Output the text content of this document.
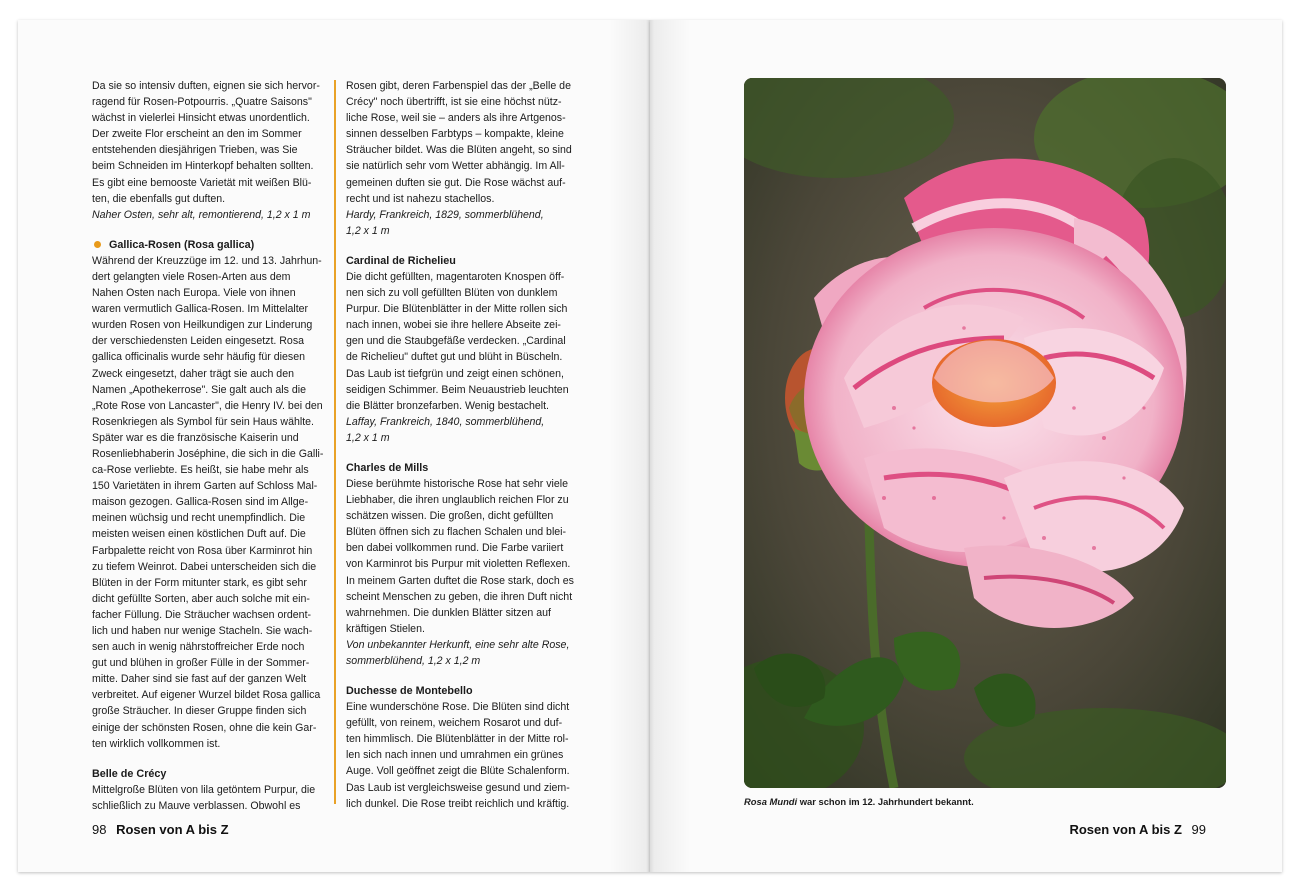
Da sie so intensiv duften, eignen sie sich hervor-

ragend für Rosen-Potpourris. „Quatre Saisons"

wächst in vielerlei Hinsicht etwas unordentlich.

Der zweite Flor erscheint an den im Sommer

entstehenden diesjährigen Trieben, was Sie

beim Schneiden im Hinterkopf behalten sollten.

Es gibt eine bemooste Varietät mit weißen Blü-

ten, die ebenfalls gut duften.

Naher Osten, sehr alt, remontierend, 1,2 x 1 m

Gallica-Rosen (Rosa gallica)

Während der Kreuzzüge im 12. und 13. Jahrhun-

dert gelangten viele Rosen-Arten aus dem

Nahen Osten nach Europa. Viele von ihnen

waren vermutlich Gallica-Rosen. Im Mittelalter

wurden Rosen von Heilkundigen zur Linderung

der verschiedensten Leiden eingesetzt. Rosa

gallica officinalis wurde sehr häufig für diesen

Zweck eingesetzt, daher trägt sie auch den

Namen „Apothekerrose". Sie galt auch als die

„Rote Rose von Lancaster", die Henry IV. bei den

Rosenkriegen als Symbol für sein Haus wählte.

Später war es die französische Kaiserin und

Rosenliebhaberin Joséphine, die sich in die Galli-

ca-Rose verliebte. Es heißt, sie habe mehr als

150 Varietäten in ihrem Garten auf Schloss Mal-

maison gezogen. Gallica-Rosen sind im Allge-

meinen wüchsig und recht unempfindlich. Die

meisten weisen einen köstlichen Duft auf. Die

Farbpalette reicht von Rosa über Karminrot hin

zu tiefem Weinrot. Dabei unterscheiden sich die

Blüten in der Form mitunter stark, es gibt sehr

dicht gefüllte Sorten, aber auch solche mit ein-

facher Füllung. Die Sträucher wachsen ordent-

lich und haben nur wenige Stacheln. Sie wach-

sen auch in wenig nährstoffreicher Erde noch

gut und blühen in großer Fülle in der Sommer-

mitte. Daher sind sie fast auf der ganzen Welt

verbreitet. Auf eigener Wurzel bildet Rosa gallica

große Sträucher. In dieser Gruppe finden sich

einige der schönsten Rosen, ohne die kein Gar-

ten wirklich vollkommen ist.

Belle de Crécy

Mittelgroße Blüten von lila getöntem Purpur, die

schließlich zu Mauve verblassen. Obwohl es

Rosen gibt, deren Farbenspiel das der „Belle de

Crécy" noch übertrifft, ist sie eine höchst nütz-

liche Rose, weil sie – anders als ihre Artgenos-

sinnen desselben Farbtyps – kompakte, kleine

Sträucher bildet. Was die Blüten angeht, so sind

sie natürlich sehr vom Wetter abhängig. Im All-

gemeinen duften sie gut. Die Rose wächst auf-

recht und ist nahezu stachellos.

Hardy, Frankreich, 1829, sommerblühend,

1,2 x 1 m

Cardinal de Richelieu

Die dicht gefüllten, magentaroten Knospen öff-

nen sich zu voll gefüllten Blüten von dunklem

Purpur. Die Blütenblätter in der Mitte rollen sich

nach innen, wobei sie ihre hellere Abseite zei-

gen und die Staubgefäße verdecken. „Cardinal

de Richelieu" duftet gut und blüht in Büscheln.

Das Laub ist tiefgrün und zeigt einen schönen,

seidigen Schimmer. Beim Neuaustrieb leuchten

die Blätter bronzefarben. Wenig bestachelt.

Laffay, Frankreich, 1840, sommerblühend,

1,2 x 1 m

Charles de Mills

Diese berühmte historische Rose hat sehr viele

Liebhaber, die ihren unglaublich reichen Flor zu

schätzen wissen. Die großen, dicht gefüllten

Blüten öffnen sich zu flachen Schalen und blei-

ben dabei vollkommen rund. Die Farbe variiert

von Karminrot bis Purpur mit violetten Reflexen.

In meinem Garten duftet die Rose stark, doch es

scheint Menschen zu geben, die ihren Duft nicht

wahrnehmen. Die dunklen Blätter sitzen auf

kräftigen Stielen.

Von unbekannter Herkunft, eine sehr alte Rose,

sommerblühend, 1,2 x 1,2 m

Duchesse de Montebello

Eine wunderschöne Rose. Die Blüten sind dicht

gefüllt, von reinem, weichem Rosarot und duf-

ten himmlisch. Die Blütenblätter in der Mitte rol-

len sich nach innen und umrahmen ein grünes

Auge. Voll geöffnet zeigt die Blüte Schalenform.

Das Laub ist vergleichsweise gesund und ziem-

lich dunkel. Die Rose treibt reichlich und kräftig.

98 Rosen von A bis Z
Rosa Mundi war schon im 12. Jahrhundert bekannt.
Rosen von A bis Z 99
